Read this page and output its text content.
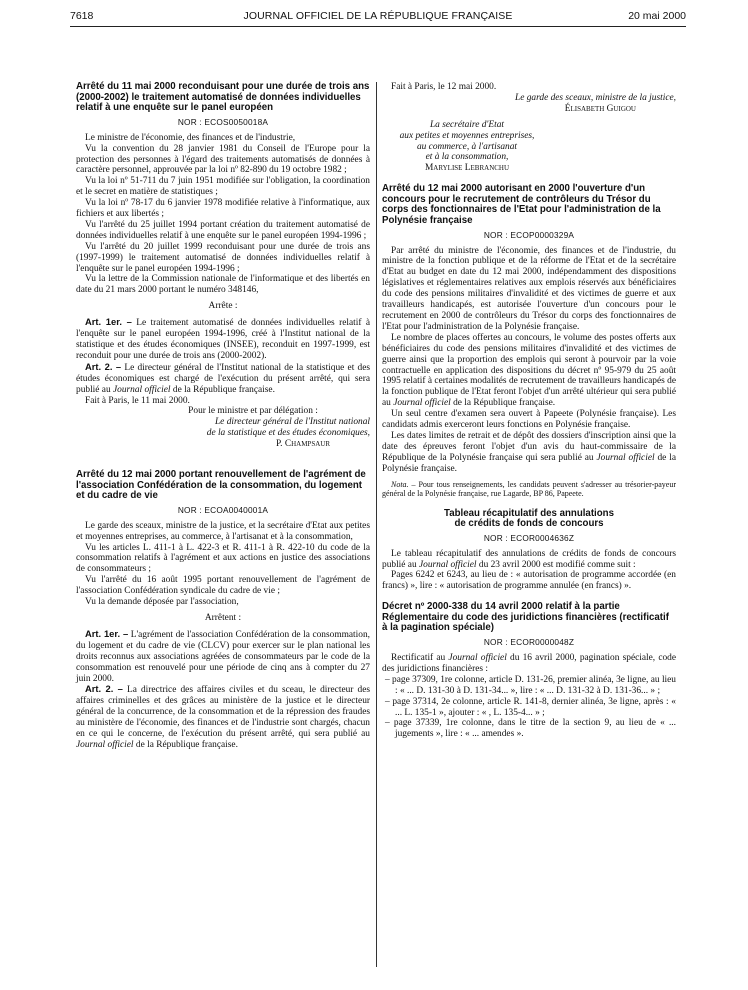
7618	JOURNAL OFFICIEL DE LA RÉPUBLIQUE FRANÇAISE	20 mai 2000
Arrêté du 11 mai 2000 reconduisant pour une durée de trois ans (2000-2002) le traitement automatisé de données individuelles relatif à une enquête sur le panel européen
NOR : ECOS0050018A

Le ministre de l'économie, des finances et de l'industrie,

Vu la convention du 28 janvier 1981 du Conseil de l'Europe pour la protection des personnes à l'égard des traitements automatisés de données à caractère personnel, approuvée par la loi nº 82-890 du 19 octobre 1982 ;

Vu la loi nº 51-711 du 7 juin 1951 modifiée sur l'obligation, la coordination et le secret en matière de statistiques ;

Vu la loi nº 78-17 du 6 janvier 1978 modifiée relative à l'informatique, aux fichiers et aux libertés ;

Vu l'arrêté du 25 juillet 1994 portant création du traitement automatisé de données individuelles relatif à une enquête sur le panel européen 1994-1996 ;

Vu l'arrêté du 20 juillet 1999 reconduisant pour une durée de trois ans (1997-1999) le traitement automatisé de données individuelles relatif à l'enquête sur le panel européen 1994-1996 ;

Vu la lettre de la Commission nationale de l'informatique et des libertés en date du 21 mars 2000 portant le numéro 348146,

Arrête :

Art. 1er. – Le traitement automatisé de données individuelles relatif à l'enquête sur le panel européen 1994-1996, créé à l'Institut national de la statistique et des études économiques (INSEE), reconduit en 1997-1999, est reconduit pour une durée de trois ans (2000-2002).

Art. 2. – Le directeur général de l'Institut national de la statistique et des études économiques est chargé de l'exécution du présent arrêté, qui sera publié au Journal officiel de la République française.

Fait à Paris, le 11 mai 2000.

Pour le ministre et par délégation :

Le directeur général de l'Institut national

de la statistique et des études économiques,

P. Champsaur

Arrêté du 12 mai 2000 portant renouvellement de l'agrément de l'association Confédération de la consommation, du logement et du cadre de vie
NOR : ECOA0040001A

Le garde des sceaux, ministre de la justice, et la secrétaire d'Etat aux petites et moyennes entreprises, au commerce, à l'artisanat et à la consommation,

Vu les articles L. 411-1 à L. 422-3 et R. 411-1 à R. 422-10 du code de la consommation relatifs à l'agrément et aux actions en justice des associations de consommateurs ;

Vu l'arrêté du 16 août 1995 portant renouvellement de l'agrément de l'association Confédération syndicale du cadre de vie ;

Vu la demande déposée par l'association,

Arrêtent :

Art. 1er. – L'agrément de l'association Confédération de la consommation, du logement et du cadre de vie (CLCV) pour exercer sur le plan national les droits reconnus aux associations agréées de consommateurs par le code de la consommation est renouvelé pour une période de cinq ans à compter du 27 juin 2000.

Art. 2. – La directrice des affaires civiles et du sceau, le directeur des affaires criminelles et des grâces au ministère de la justice et le directeur général de la concurrence, de la consommation et de la répression des fraudes au ministère de l'économie, des finances et de l'industrie sont chargés, chacun en ce qui le concerne, de l'exécution du présent arrêté, qui sera publié au Journal officiel de la République française.

Fait à Paris, le 12 mai 2000.

Le garde des sceaux, ministre de la justice,

Élisabeth Guigou

La secrétaire d'Etat

aux petites et moyennes entreprises,

au commerce, à l'artisanat

et à la consommation,

Marylise Lebranchu

Arrêté du 12 mai 2000 autorisant en 2000 l'ouverture d'un concours pour le recrutement de contrôleurs du Trésor du corps des fonctionnaires de l'Etat pour l'administration de la Polynésie française
NOR : ECOP0000329A

Par arrêté du ministre de l'économie, des finances et de l'industrie, du ministre de la fonction publique et de la réforme de l'Etat et de la secrétaire d'Etat au budget en date du 12 mai 2000, indépendamment des dispositions législatives et réglementaires relatives aux emplois réservés aux bénéficiaires du code des pensions militaires d'invalidité et des victimes de guerre et aux travailleurs handicapés, est autorisée l'ouverture d'un concours pour le recrutement en 2000 de contrôleurs du Trésor du corps des fonctionnaires de l'Etat pour l'administration de la Polynésie française.

Le nombre de places offertes au concours, le volume des postes offerts aux bénéficiaires du code des pensions militaires d'invalidité et des victimes de guerre ainsi que la proportion des emplois qui seront à pourvoir par la voie contractuelle en application des dispositions du décret nº 95-979 du 25 août 1995 relatif à certaines modalités de recrutement de travailleurs handicapés de la fonction publique de l'Etat feront l'objet d'un arrêté ultérieur qui sera publié au Journal officiel de la République française.

Un seul centre d'examen sera ouvert à Papeete (Polynésie française). Les candidats admis exerceront leurs fonctions en Polynésie française.

Les dates limites de retrait et de dépôt des dossiers d'inscription ainsi que la date des épreuves feront l'objet d'un avis du haut-commissaire de la République de la Polynésie française qui sera publié au Journal officiel de la Polynésie française.

Nota. – Pour tous renseignements, les candidats peuvent s'adresser au trésorier-payeur général de la Polynésie française, rue Lagarde, BP 86, Papeete.

Tableau récapitulatif des annulations
de crédits de fonds de concours
NOR : ECOR0004636Z

Le tableau récapitulatif des annulations de crédits de fonds de concours publié au Journal officiel du 23 avril 2000 est modifié comme suit :

Pages 6242 et 6243, au lieu de : « autorisation de programme accordée (en francs) », lire : « autorisation de programme annulée (en francs) ».

Décret nº 2000-338 du 14 avril 2000 relatif à la partie Réglementaire du code des juridictions financières (rectificatif à la pagination spéciale)
NOR : ECOR0000048Z

Rectificatif au Journal officiel du 16 avril 2000, pagination spéciale, code des juridictions financières :

– page 37309, 1re colonne, article D. 131-26, premier alinéa, 3e ligne, au lieu : « ... D. 131-30 à D. 131-34... », lire : « ... D. 131-32 à D. 131-36... » ;

– page 37314, 2e colonne, article R. 141-8, dernier alinéa, 3e ligne, après : « ... L. 135-1 », ajouter : « , L. 135-4... » ;

– page 37339, 1re colonne, dans le titre de la section 9, au lieu de « ... jugements », lire : « ... amendes ».
